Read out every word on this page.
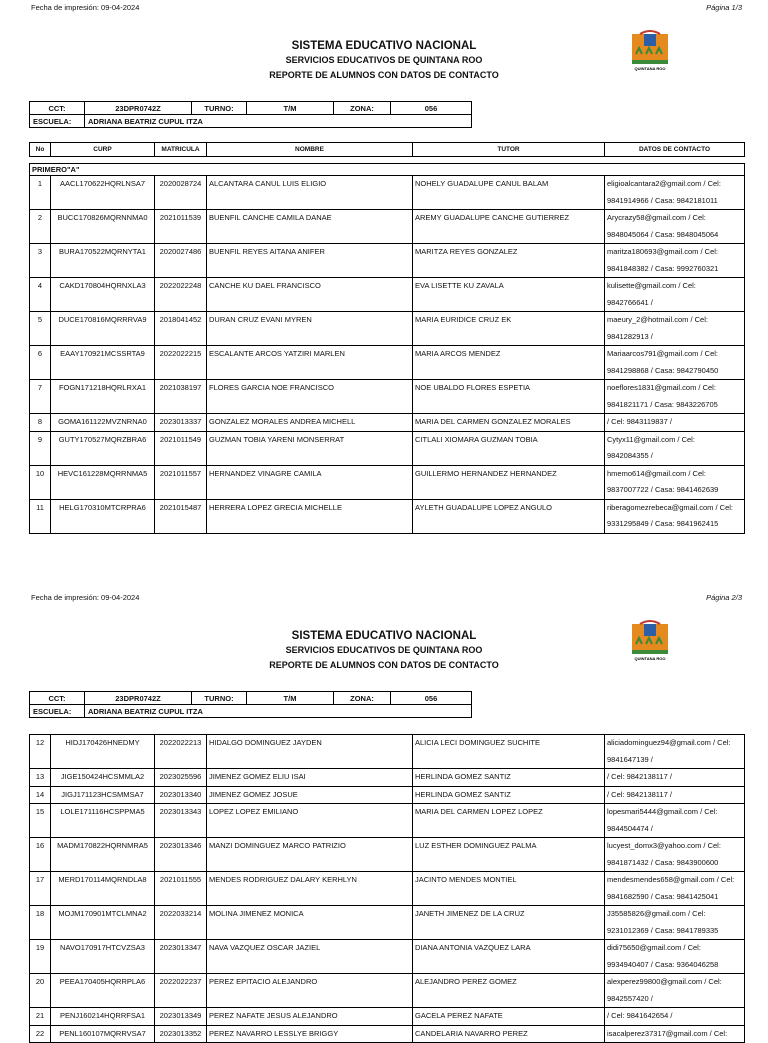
Fecha de impresión: 09-04-2024	Página 1/3
SISTEMA EDUCATIVO NACIONAL
SERVICIOS EDUCATIVOS DE QUINTANA ROO
REPORTE DE ALUMNOS CON DATOS DE CONTACTO
QUINTANA ROO
CCT:	23DPR0742Z	TURNO:	T/M	ZONA:	056
ESCUELA:	ADRIANA BEATRIZ CUPUL ITZA				
No	CURP	MATRICULA	NOMBRE	TUTOR	DATOS DE CONTACTO

PRIMERO"A"					
1	AACL170622HQRLNSA7	2020028724	ALCANTARA CANUL LUIS ELIGIO	NOHELY GUADALUPE CANUL BALAM	eligioalcantara2@gmail.com / Cel:
9841914966 / Casa: 9842181011

2	BUCC170826MQRNNMA0	2021011539	BUENFIL CANCHE CAMILA DANAE	AREMY GUADALUPE CANCHE GUTIERREZ	Arycrazy58@gmail.com / Cel:
9848045064 / Casa: 9848045064

3	BURA170522MQRNYTA1	2020027486	BUENFIL REYES AITANA ANIFER	MARITZA REYES GONZALEZ	maritza180693@gmail.com / Cel:
9841848382 / Casa: 9992760321

4	CAKD170804HQRNXLA3	2022022248	CANCHE KU DAEL FRANCISCO	EVA LISETTE KU ZAVALA	kulisette@gmail.com / Cel:
9842766641 /

5	DUCE170816MQRRRVA9	2018041452	DURAN CRUZ EVANI MYREN	MARIA EURIDICE CRUZ EK	maeury_2@hotmail.com / Cel:
9841282913 /

6	EAAY170921MCSSRTA9	2022022215	ESCALANTE ARCOS YATZIRI MARLEN	MARIA ARCOS MENDEZ	Mariaarcos791@gmail.com / Cel:
9841298868 / Casa: 9842790450

7	FOGN171218HQRLRXA1	2021038197	FLORES GARCIA NOE FRANCISCO	NOE UBALDO FLORES ESPETIA	noeflores1831@gmail.com / Cel:
9841821171 / Casa: 9843226705

8	GOMA161122MVZNRNA0	2023013337	GONZALEZ MORALES ANDREA MICHELL	MARIA DEL CARMEN GONZALEZ MORALES	/ Cel: 9843119837 /

9	GUTY170527MQRZBRA6	2021011549	GUZMAN TOBIA YARENI MONSERRAT	CITLALI XIOMARA GUZMAN TOBIA	Cytyx11@gmail.com / Cel:
9842084355 /

10	HEVC161228MQRRNMA5	2021011557	HERNANDEZ VINAGRE CAMILA	GUILLERMO HERNANDEZ HERNANDEZ	hmemo614@gmail.com / Cel:
9837007722 / Casa: 9841462639

11	HELG170310MTCRPRA6	2021015487	HERRERA LOPEZ GRECIA MICHELLE	AYLETH GUADALUPE LOPEZ ANGULO	riberagomezrebeca@gmail.com / Cel:
9331295849 / Casa: 9841962415
Fecha de impresión: 09-04-2024	Página 2/3
SISTEMA EDUCATIVO NACIONAL
SERVICIOS EDUCATIVOS DE QUINTANA ROO
REPORTE DE ALUMNOS CON DATOS DE CONTACTO
QUINTANA ROO
CCT:	23DPR0742Z	TURNO:	T/M	ZONA:	056
ESCUELA:	ADRIANA BEATRIZ CUPUL ITZA				
12	HIDJ170426HNEDMY	2022022213	HIDALGO DOMINGUEZ JAYDEN	ALICIA LECI DOMINGUEZ SUCHITE	aliciadominguez94@gmail.com / Cel:
9841647139 /

13	JIGE150424HCSMMLA2	2023025596	JIMENEZ GOMEZ ELIU ISAI	HERLINDA GOMEZ SANTIZ	/ Cel: 9842138117 /

14	JIGJ171123HCSMMSA7	2023013340	JIMENEZ GOMEZ JOSUE	HERLINDA GOMEZ SANTIZ	/ Cel: 9842138117 /

15	LOLE171116HCSPPMA5	2023013343	LOPEZ LOPEZ EMILIANO	MARIA DEL CARMEN LOPEZ LOPEZ	lopesmari5444@gmail.com / Cel:
9844504474 /

16	MADM170822HQRNMRA5	2023013346	MANZI DOMINGUEZ MARCO PATRIZIO	LUZ ESTHER DOMINGUEZ PALMA	lucyest_domx3@yahoo.com / Cel:
9841871432 / Casa: 9843900600

17	MERD170114MQRNDLA8	2021011555	MENDES RODRIGUEZ DALARY KERHLYN	JACINTO MENDES MONTIEL	mendesmendes658@gmail.com / Cel:
9841682590 / Casa: 9841425041

18	MOJM170901MTCLMNA2	2022033214	MOLINA JIMENEZ MONICA	JANETH JIMENEZ DE LA CRUZ	J35585826@gmail.com / Cel:
9231012369 / Casa: 9841789335

19	NAVO170917HTCVZSA3	2023013347	NAVA VAZQUEZ OSCAR JAZIEL	DIANA ANTONIA VAZQUEZ LARA	didi75650@gmail.com / Cel:
9934940407 / Casa: 9364046258

20	PEEA170405HQRRPLA6	2022022237	PEREZ EPITACIO ALEJANDRO	ALEJANDRO PEREZ GOMEZ	alexperez99800@gmail.com / Cel:
9842557420 /

21	PENJ160214HQRRFSA1	2023013349	PEREZ NAFATE JESUS ALEJANDRO	GACELA PEREZ NAFATE	/ Cel: 9841642654 /

22	PENL160107MQRRVSA7	2023013352	PEREZ NAVARRO LESSLYE BRIGGY	CANDELARIA NAVARRO PEREZ	isacalperez37317@gmail.com / Cel:
